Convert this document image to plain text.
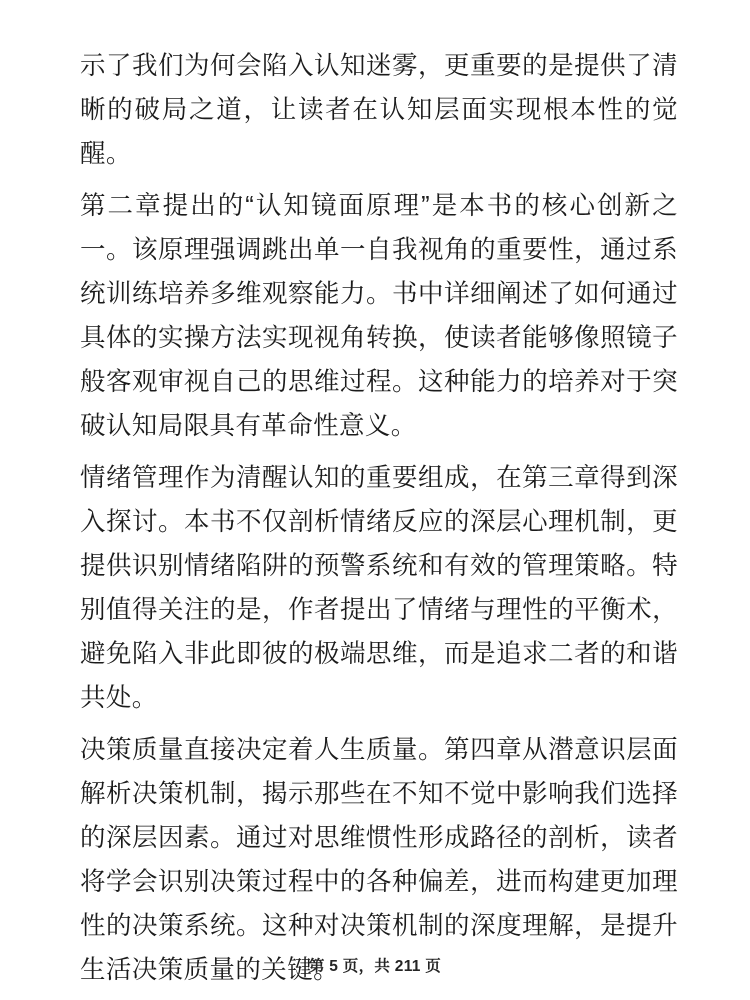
示了我们为何会陷入认知迷雾，更重要的是提供了清晰的破局之道，让读者在认知层面实现根本性的觉醒。

第二章提出的“认知镜面原理”是本书的核心创新之一。该原理强调跳出单一自我视角的重要性，通过系统训练培养多维观察能力。书中详细阐述了如何通过具体的实操方法实现视角转换，使读者能够像照镜子般客观审视自己的思维过程。这种能力的培养对于突破认知局限具有革命性意义。

情绪管理作为清醒认知的重要组成，在第三章得到深入探讨。本书不仅剖析情绪反应的深层心理机制，更提供识别情绪陷阱的预警系统和有效的管理策略。特别值得关注的是，作者提出了情绪与理性的平衡术，避免陷入非此即彼的极端思维，而是追求二者的和谐共处。

决策质量直接决定着人生质量。第四章从潜意识层面解析决策机制，揭示那些在不知不觉中影响我们选择的深层因素。通过对思维惯性形成路径的剖析，读者将学会识别决策过程中的各种偏差，进而构建更加理性的决策系统。这种对决策机制的深度理解，是提升生活决策质量的关键。

第 5 页，共 211 页
